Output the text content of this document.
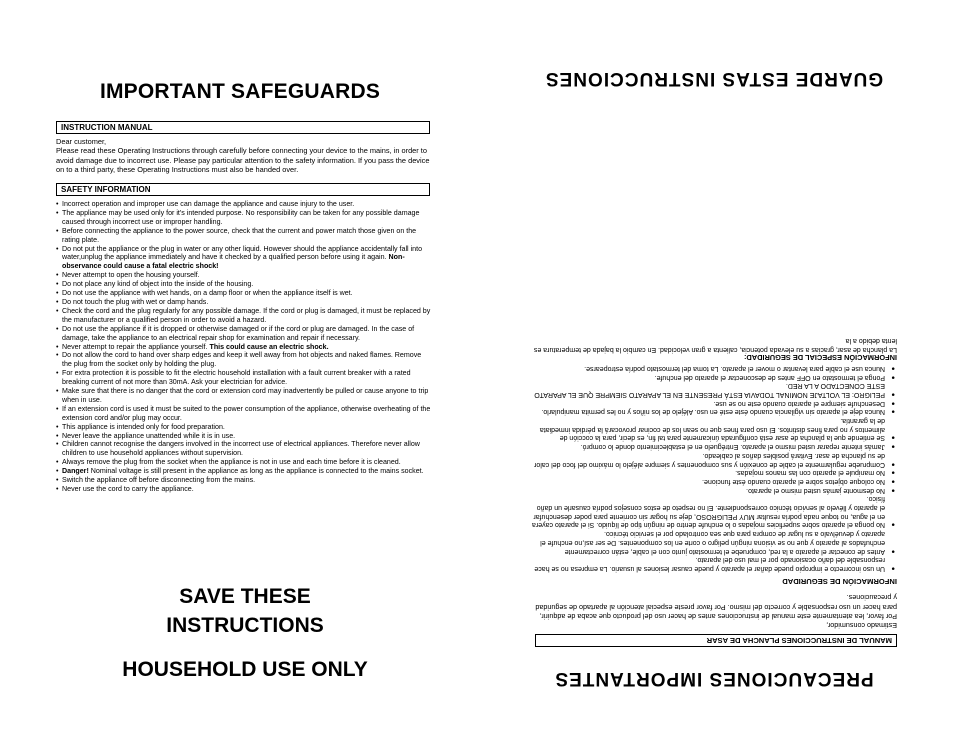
IMPORTANT SAFEGUARDS
INSTRUCTION MANUAL

Dear customer,

Please read these Operating Instructions through carefully before connecting your device to the mains, in order to avoid damage due to incorrect use. Please pay particular attention to the safety information. If you pass the device on to a third party, these Operating Instructions must also be handed over.

SAFETY INFORMATION
• Incorrect operation and improper use can damage the appliance and cause injury to the user.
• The appliance may be used only for it's intended purpose. No responsibility can be taken for any possible damage caused through incorrect use or improper handling.
• Before connecting the appliance to the power source, check that the current and power match those given on the rating plate.
• Do not put the appliance or the plug in water or any other liquid. However should the appliance accidentally fall into water,unplug the appliance immediately and have it checked by a qualified person before using it again. Non-observance could cause a fatal electric shock!
• Never attempt to open the housing yourself.
• Do not place any kind of object into the inside of the housing.
• Do not use the appliance with wet hands, on a damp floor or when the appliance itself is wet.
• Do not touch the plug with wet or damp hands.
• Check the cord and the plug regularly for any possible damage. If the cord or plug is damaged, it must be replaced by the manufacturer or a qualified person in order to avoid a hazard.
• Do not use the appliance if it is dropped or otherwise damaged or if the cord or plug are damaged. In the case of damage, take the appliance to an electrical repair shop for examination and repair if necessary.
• Never attempt to repair the appliance yourself. This could cause an electric shock.
• Do not allow the cord to hand over sharp edges and keep it well away from hot objects and naked flames. Remove the plug from the socket only by holding the plug.
• For extra protection it is possible to fit the electric household installation with a fault current breaker with a rated breaking current of not more than 30mA. Ask your electrician for advice.
• Make sure that there is no danger that the cord or extension cord may inadvertently be pulled or cause anyone to trip when in use.
• If an extension cord is used it must be suited to the power consumption of the appliance, otherwise overheating of the extension cord and/or plug may occur.
• This appliance is intended only for food preparation.
• Never leave the appliance unattended while it is in use.
• Children cannot recognise the dangers involved in the incorrect use of electrical appliances. Therefore never allow children to use household appliances without supervision.
• Always remove the plug from the socket when the appliance is not in use and each time before it is cleaned.
• Danger! Nominal voltage is still present in the appliance as long as the appliance is connected to the mains socket.
• Switch the appliance off before disconnecting from the mains.
• Never use the cord to carry the appliance.
SAVE THESE
INSTRUCTIONS
HOUSEHOLD USE ONLY	PRECAUCIONES IMPORTANTES
MANUAL DE INSTRUCCIONES PLANCHA DE ASAR

Estimado consumidor,

Por favor, lea atentamente este manual de instrucciones antes de hacer uso del producto que acaba de adquirir, para hacer un uso responsable y correcto del mismo. Por favor preste especial atención al apartado de seguridad y precauciones.

INFORMACIÓN DE SEGURIDAD
● Un uso incorrecto e impropio puede dañar el aparato y puede causar lesiones al usuario. La empresa no se hace responsable del daño ocasionado por el mal uso del aparato.
● Antes de conectar el aparato a la red, compruebe el termostato junto con el cable, están correctamente enchufados al aparato y que no se visiona ningún peligro o corte en los componentes. De ser así,no enchufe el aparato y devuélvalo a su lugar de compra para que sea controlado por el servicio técnico.
● No ponga el aparato sobre superficies mojadas o lo enchufe dentro de ningún tipo de líquido. Si el aparato cayera en el agua, no toque nada podría resultar MUY PELIGROSO, deje su hogar sin corriente para poder desenchufar el aparato y llévelo al servicio técnico correspondiente. El no respeto de estos consejos podría causarle un daño físico.
● No desmonte jamás usted mismo el aparato.
● No coloque objetos sobre el aparato cuando éste funcione.
● No manipule el aparato con las manos mojadas.
● Compruebe regularmente el cable de conexión y sus componentes y siempre aléjelo lo máximo del foco del calor de su plancha de asar. Evitará posibles daños al cableado.
● Jamás intente reparar usted mismo el aparato. Entréguelo en el establecimiento donde lo compró.
● Se entiende que la plancha de asar está configurada únicamente para tal fin, es decir, para la cocción de alimentos y no para fines distintos. El uso para fines que no sean los de cocinar provocará la pérdida inmediata de la garantía.
● Nunca deje el aparato sin vigilancia cuando éste esté en uso. Aléjelo de los niños y no les permita manipularlo.
● Desenchufe siempre el aparato cuando este no se use.
● PELIGRO: EL VOLTAJE NOMINAL TODAVIA ESTÁ PRESENTE EN EL APARATO SIEMPRE QUE EL APARATO ESTE CONECTADO A LA RED.
● Ponga el termostato en OFF antes de desconectar el aparato del enchufe.
● Nunca use el cable para levantar o mover el aparato. La toma del termostato podría estropearse.

INFORMACIÓN ESPECIAL DE SEGURIDAD:

La plancha de asar, gracias a su elevada potencia, calienta a gran velocidad. En cambio la bajada de temperatura es lenta debido a la

GUARDE ESTAS INSTRUCCIONES
